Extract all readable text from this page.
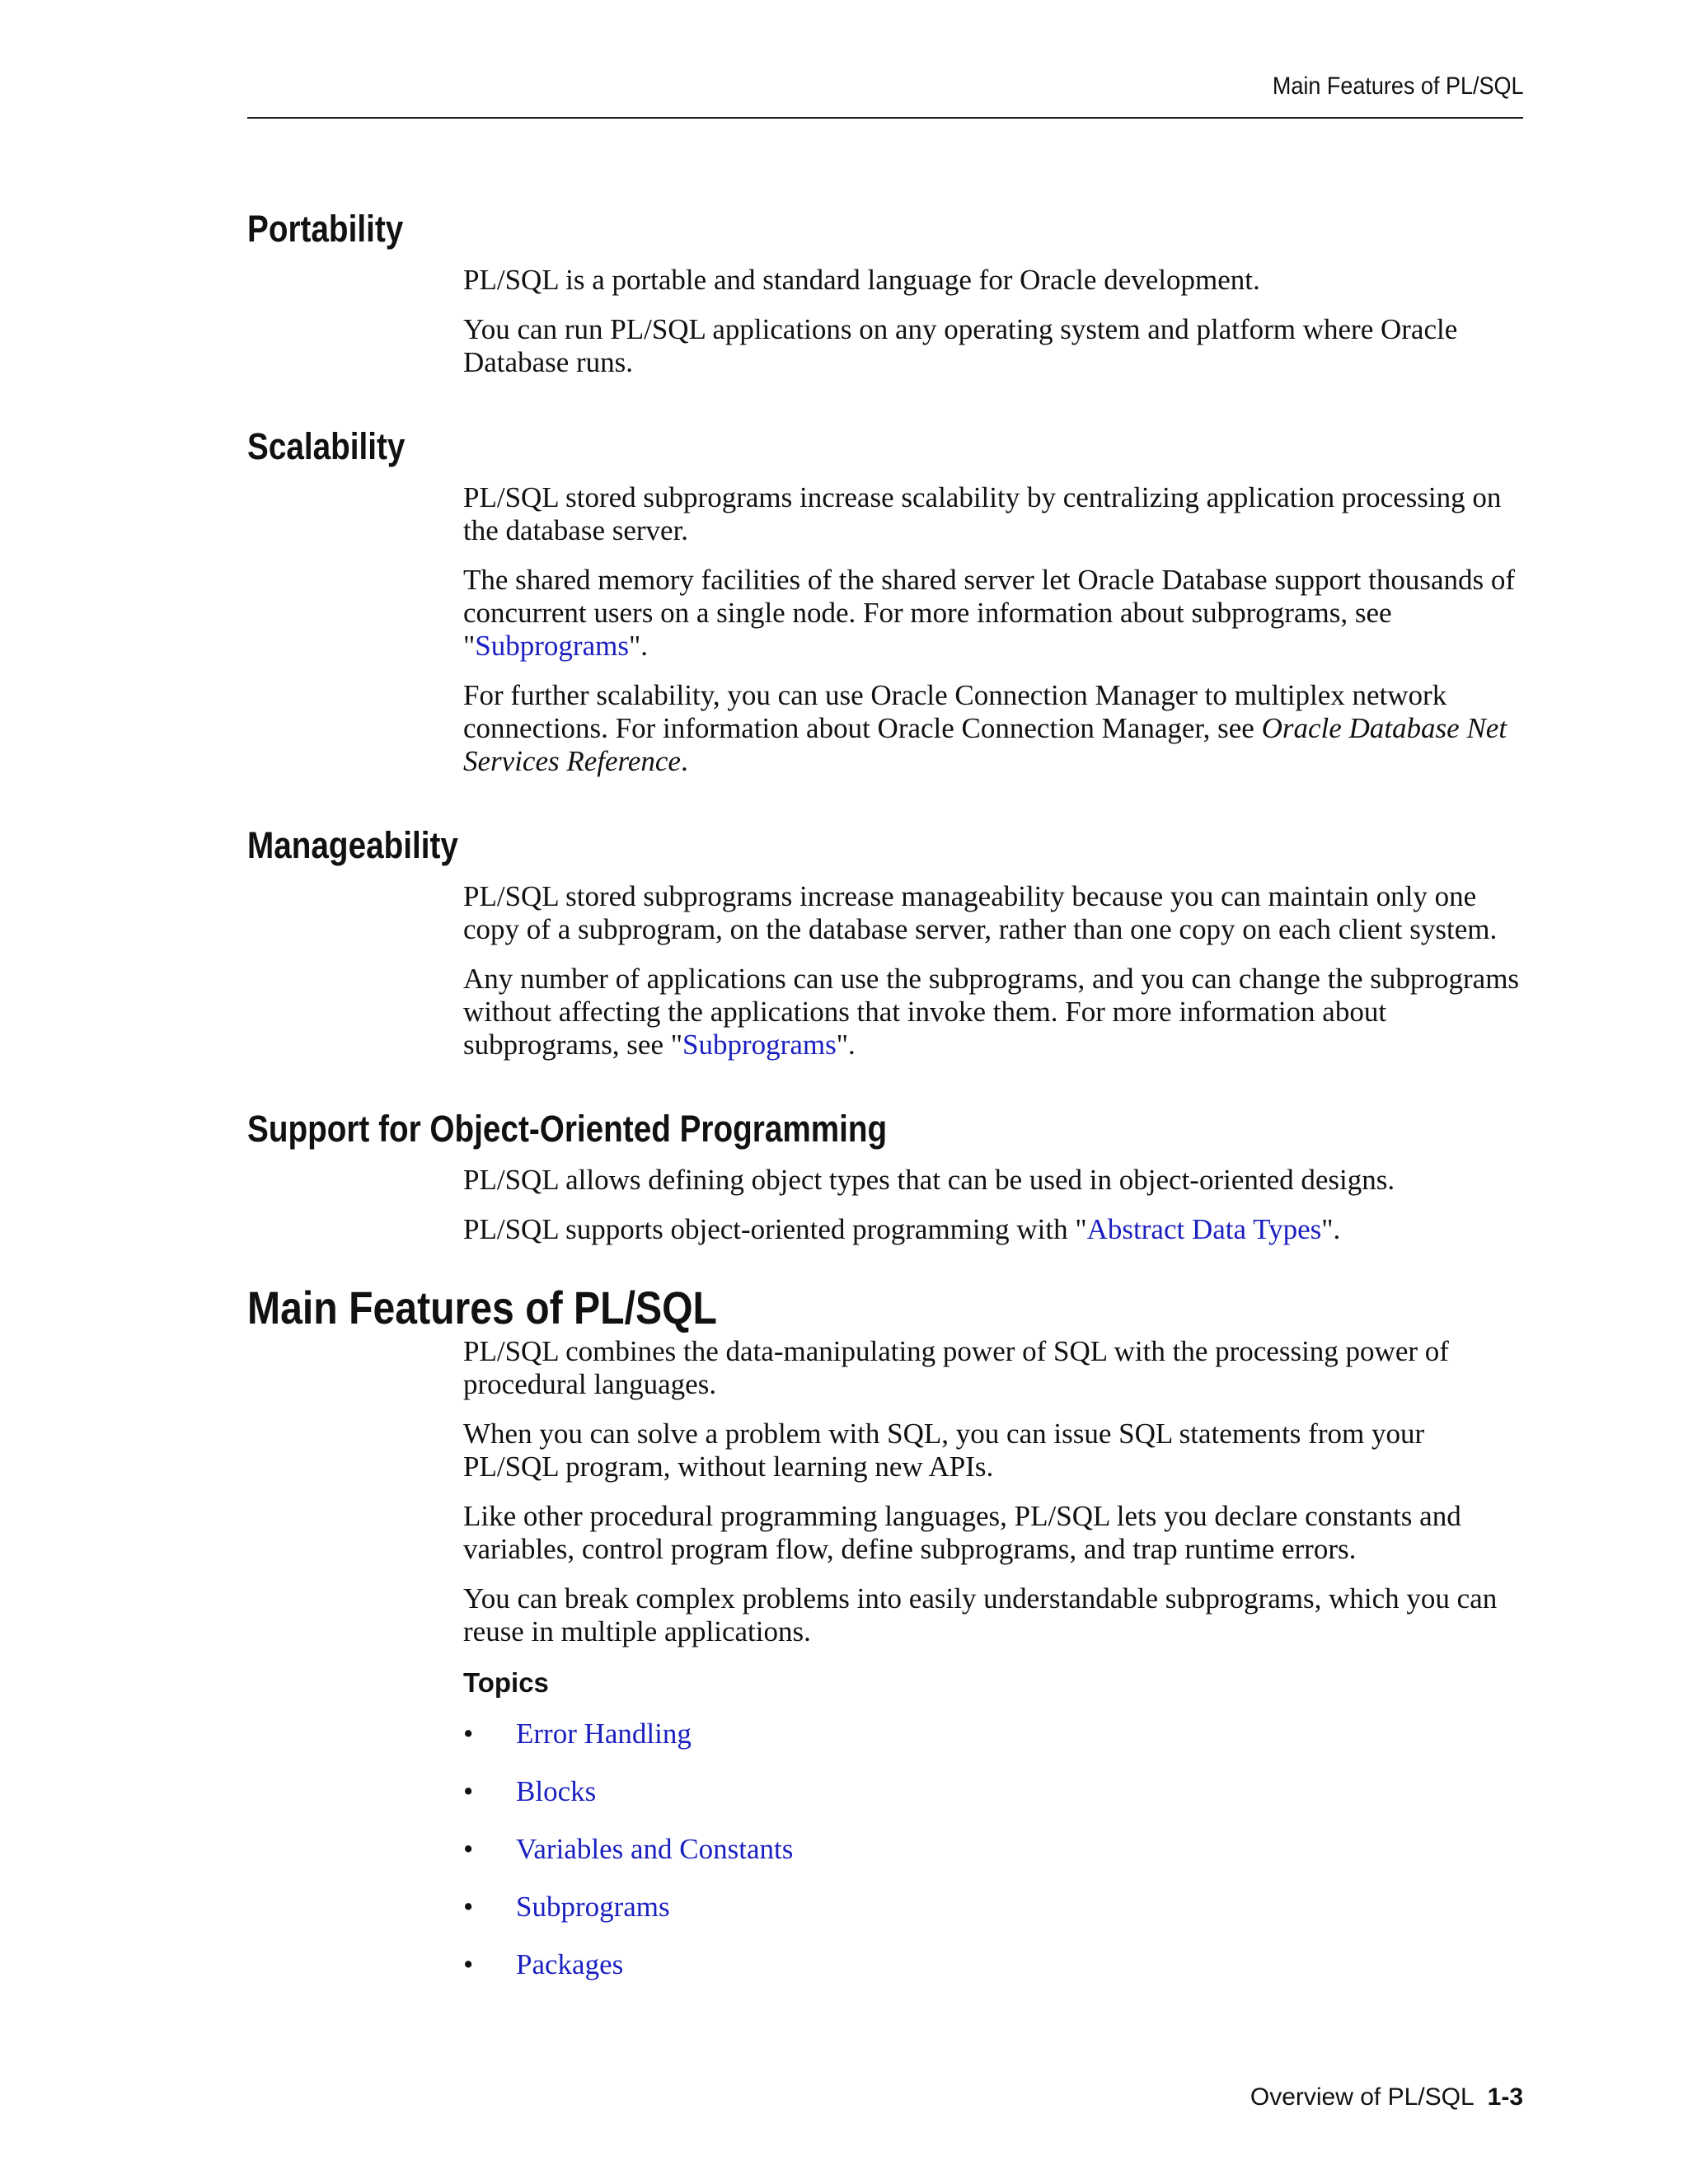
Main Features of PL/SQL
Portability

PL/SQL is a portable and standard language for Oracle development.

You can run PL/SQL applications on any operating system and platform where Oracle Database runs.

Scalability

PL/SQL stored subprograms increase scalability by centralizing application processing on the database server.

The shared memory facilities of the shared server let Oracle Database support thousands of concurrent users on a single node. For more information about subprograms, see "Subprograms".

For further scalability, you can use Oracle Connection Manager to multiplex network connections. For information about Oracle Connection Manager, see Oracle Database Net Services Reference.

Manageability

PL/SQL stored subprograms increase manageability because you can maintain only one copy of a subprogram, on the database server, rather than one copy on each client system.

Any number of applications can use the subprograms, and you can change the subprograms without affecting the applications that invoke them. For more information about subprograms, see "Subprograms".

Support for Object-Oriented Programming

PL/SQL allows defining object types that can be used in object-oriented designs.

PL/SQL supports object-oriented programming with "Abstract Data Types".

Main Features of PL/SQL

PL/SQL combines the data-manipulating power of SQL with the processing power of procedural languages.

When you can solve a problem with SQL, you can issue SQL statements from your PL/SQL program, without learning new APIs.

Like other procedural programming languages, PL/SQL lets you declare constants and variables, control program flow, define subprograms, and trap runtime errors.

You can break complex problems into easily understandable subprograms, which you can reuse in multiple applications.

Topics
• Error Handling
• Blocks
• Variables and Constants
• Subprograms
• Packages
Overview of PL/SQL 1-3
